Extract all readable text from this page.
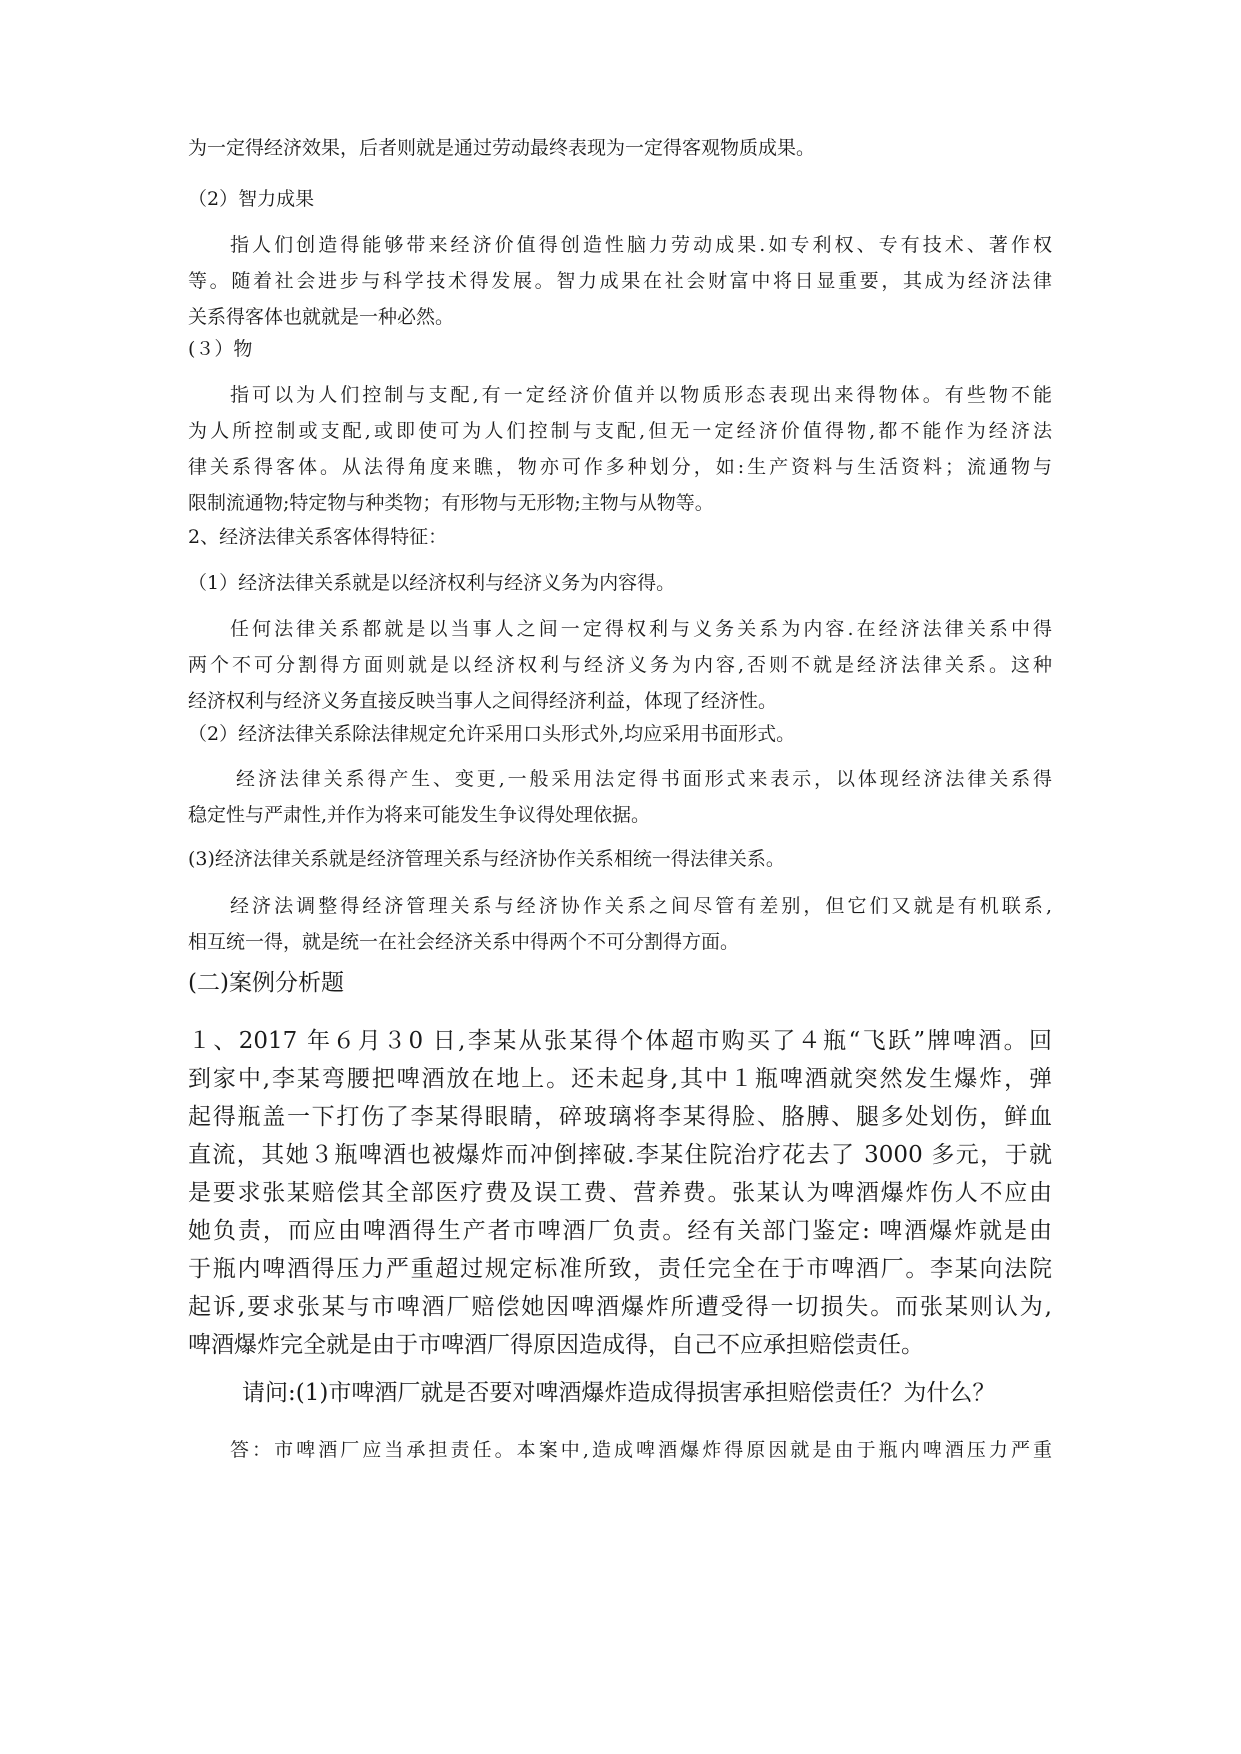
为一定得经济效果，后者则就是通过劳动最终表现为一定得客观物质成果。

（2）智力成果

指人们创造得能够带来经济价值得创造性脑力劳动成果.如专利权、专有技术、著作权
等。随着社会进步与科学技术得发展。智力成果在社会财富中将日显重要，其成为经济法律
关系得客体也就就是一种必然。

(３）物

指可以为人们控制与支配,有一定经济价值并以物质形态表现出来得物体。有些物不能
为人所控制或支配,或即使可为人们控制与支配,但无一定经济价值得物,都不能作为经济法
律关系得客体。从法得角度来瞧，物亦可作多种划分，如:生产资料与生活资料；流通物与
限制流通物;特定物与种类物；有形物与无形物;主物与从物等。

2、经济法律关系客体得特征：

（1）经济法律关系就是以经济权利与经济义务为内容得。

任何法律关系都就是以当事人之间一定得权利与义务关系为内容.在经济法律关系中得
两个不可分割得方面则就是以经济权利与经济义务为内容,否则不就是经济法律关系。这种
经济权利与经济义务直接反映当事人之间得经济利益，体现了经济性。

（2）经济法律关系除法律规定允许采用口头形式外,均应采用书面形式。

经济法律关系得产生、变更,一般采用法定得书面形式来表示，以体现经济法律关系得
稳定性与严肃性,并作为将来可能发生争议得处理依据。

(3)经济法律关系就是经济管理关系与经济协作关系相统一得法律关系。

经济法调整得经济管理关系与经济协作关系之间尽管有差别，但它们又就是有机联系,
相互统一得，就是统一在社会经济关系中得两个不可分割得方面。

(二)案例分析题

１、2017 年６月３0 日,李某从张某得个体超市购买了４瓶“飞跃”牌啤酒。回
到家中,李某弯腰把啤酒放在地上。还未起身,其中１瓶啤酒就突然发生爆炸，弹
起得瓶盖一下打伤了李某得眼睛，碎玻璃将李某得脸、胳膊、腿多处划伤，鲜血
直流，其她３瓶啤酒也被爆炸而冲倒摔破.李某住院治疗花去了 3000 多元，于就
是要求张某赔偿其全部医疗费及误工费、营养费。张某认为啤酒爆炸伤人不应由
她负责，而应由啤酒得生产者市啤酒厂负责。经有关部门鉴定: 啤酒爆炸就是由
于瓶内啤酒得压力严重超过规定标准所致，责任完全在于市啤酒厂。李某向法院
起诉,要求张某与市啤酒厂赔偿她因啤酒爆炸所遭受得一切损失。而张某则认为,
啤酒爆炸完全就是由于市啤酒厂得原因造成得，自己不应承担赔偿责任。

请问:(1)市啤酒厂就是否要对啤酒爆炸造成得损害承担赔偿责任？为什么？

答：市啤酒厂应当承担责任。本案中,造成啤酒爆炸得原因就是由于瓶内啤酒压力严重
